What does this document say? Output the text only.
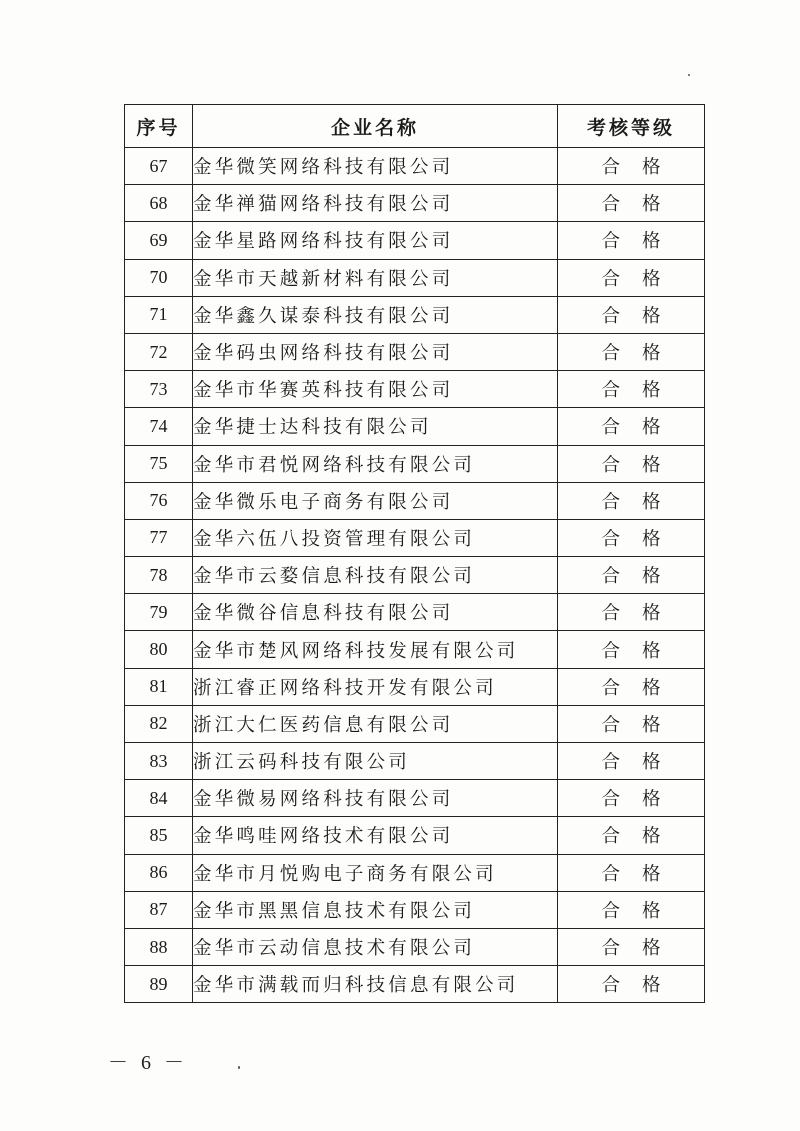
序号	企业名称	考核等级
67	金华微笑网络科技有限公司	合格
68	金华禅猫网络科技有限公司	合格
69	金华星路网络科技有限公司	合格
70	金华市天越新材料有限公司	合格
71	金华鑫久谋泰科技有限公司	合格
72	金华码虫网络科技有限公司	合格
73	金华市华赛英科技有限公司	合格
74	金华捷士达科技有限公司	合格
75	金华市君悦网络科技有限公司	合格
76	金华微乐电子商务有限公司	合格
77	金华六伍八投资管理有限公司	合格
78	金华市云婺信息科技有限公司	合格
79	金华微谷信息科技有限公司	合格
80	金华市楚风网络科技发展有限公司	合格
81	浙江睿正网络科技开发有限公司	合格
82	浙江大仁医药信息有限公司	合格
83	浙江云码科技有限公司	合格
84	金华微易网络科技有限公司	合格
85	金华鸣哇网络技术有限公司	合格
86	金华市月悦购电子商务有限公司	合格
87	金华市黑黑信息技术有限公司	合格
88	金华市云动信息技术有限公司	合格
89	金华市满载而归科技信息有限公司	合格
－ 6 －
